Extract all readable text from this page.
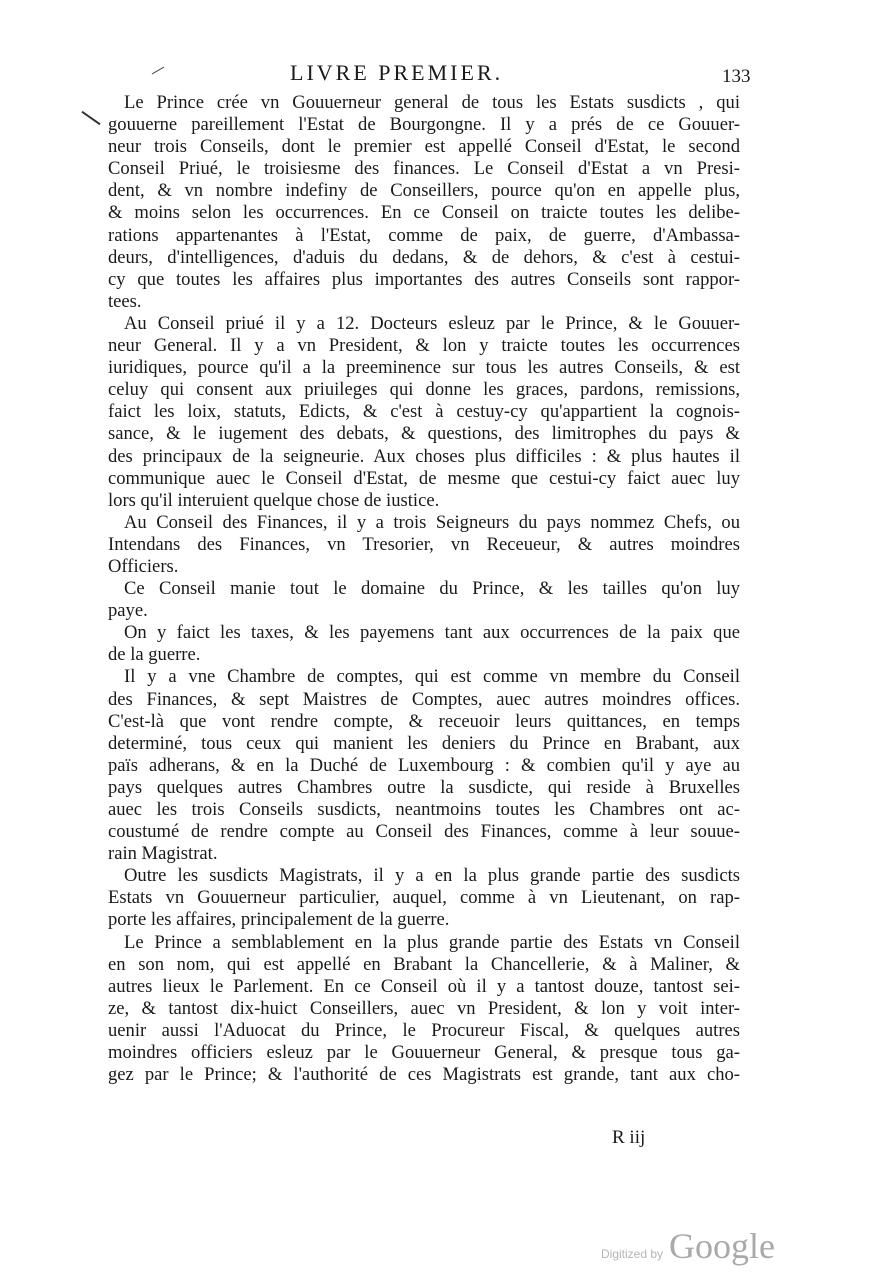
LIVRE PREMIER.	133
Le Prince crée vn Gouuerneur general de tous les Estats susdicts , qui
gouuerne pareillement l'Estat de Bourgongne. Il y a prés de ce Gouuer-
neur trois Conseils, dont le premier est appellé Conseil d'Estat, le second
Conseil Priué, le troisiesme des finances. Le Conseil d'Estat a vn Presi-
dent, & vn nombre indefiny de Conseillers, pource qu'on en appelle plus,
& moins selon les occurrences. En ce Conseil on traicte toutes les delibe-
rations appartenantes à l'Estat, comme de paix, de guerre, d'Ambassa-
deurs, d'intelligences, d'aduis du dedans, & de dehors, & c'est à cestui-
cy que toutes les affaires plus importantes des autres Conseils sont rappor-
tees.
Au Conseil priué il y a 12. Docteurs esleuz par le Prince, & le Gouuer-
neur General. Il y a vn President, & lon y traicte toutes les occurrences
iuridiques, pource qu'il a la preeminence sur tous les autres Conseils, & est
celuy qui consent aux priuileges qui donne les graces, pardons, remissions,
faict les loix, statuts, Edicts, & c'est à cestuy-cy qu'appartient la cognois-
sance, & le iugement des debats, & questions, des limitrophes du pays &
des principaux de la seigneurie. Aux choses plus difficiles : & plus hautes il
communique auec le Conseil d'Estat, de mesme que cestui-cy faict auec luy
lors qu'il interuient quelque chose de iustice.
Au Conseil des Finances, il y a trois Seigneurs du pays nommez Chefs, ou
Intendans des Finances, vn Tresorier, vn Receueur, & autres moindres
Officiers.
Ce Conseil manie tout le domaine du Prince, & les tailles qu'on luy
paye.
On y faict les taxes, & les payemens tant aux occurrences de la paix que
de la guerre.
Il y a vne Chambre de comptes, qui est comme vn membre du Conseil
des Finances, & sept Maistres de Comptes, auec autres moindres offices.
C'est-là que vont rendre compte, & receuoir leurs quittances, en temps
determiné, tous ceux qui manient les deniers du Prince en Brabant, aux
païs adherans, & en la Duché de Luxembourg : & combien qu'il y aye au
pays quelques autres Chambres outre la susdicte, qui reside à Bruxelles
auec les trois Conseils susdicts, neantmoins toutes les Chambres ont ac-
coustumé de rendre compte au Conseil des Finances, comme à leur souue-
rain Magistrat.
Outre les susdicts Magistrats, il y a en la plus grande partie des susdicts
Estats vn Gouuerneur particulier, auquel, comme à vn Lieutenant, on rap-
porte les affaires, principalement de la guerre.
Le Prince a semblablement en la plus grande partie des Estats vn Conseil
en son nom, qui est appellé en Brabant la Chancellerie, & à Maliner, &
autres lieux le Parlement. En ce Conseil où il y a tantost douze, tantost sei-
ze, & tantost dix-huict Conseillers, auec vn President, & lon y voit inter-
uenir aussi l'Aduocat du Prince, le Procureur Fiscal, & quelques autres
moindres officiers esleuz par le Gouuerneur General, & presque tous ga-
gez par le Prince; & l'authorité de ces Magistrats est grande, tant aux cho-
R iij
Digitized by Google
